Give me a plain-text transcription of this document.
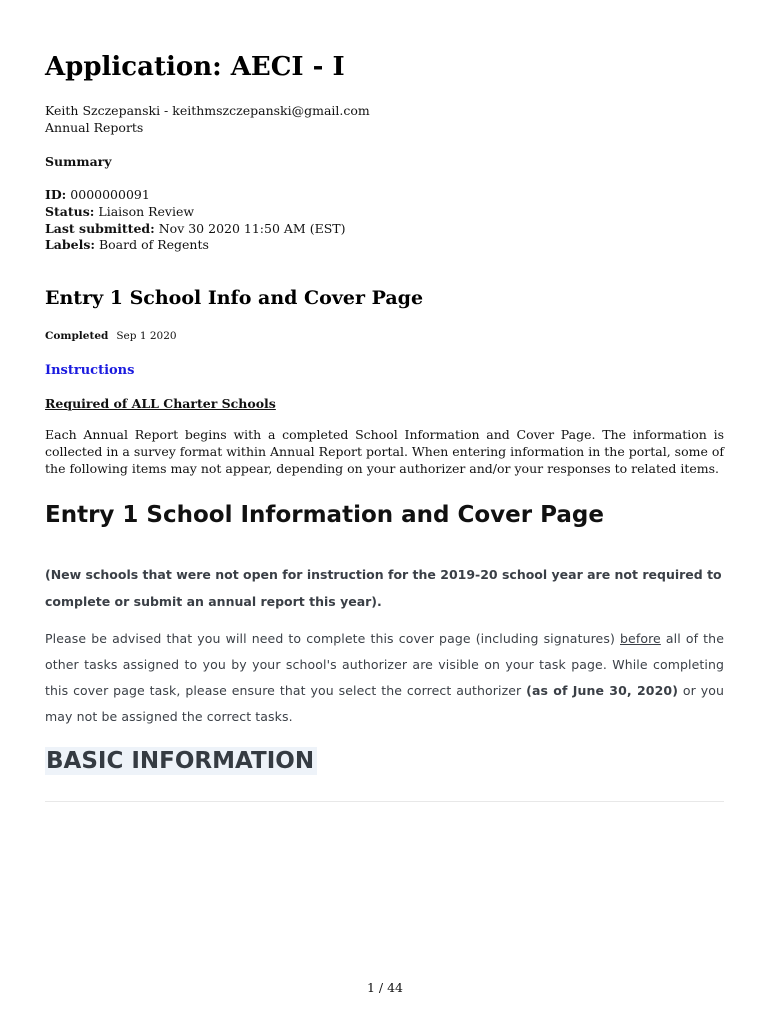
Application: AECI - I
Keith Szczepanski - keithmszczepanski@gmail.com
Annual Reports
Summary
ID: 0000000091
Status: Liaison Review
Last submitted: Nov 30 2020 11:50 AM (EST)
Labels: Board of Regents
Entry 1 School Info and Cover Page
Completed Sep 1 2020
Instructions
Required of ALL Charter Schools
Each Annual Report begins with a completed School Information and Cover Page. The information is collected in a survey format within Annual Report portal. When entering information in the portal, some of the following items may not appear, depending on your authorizer and/or your responses to related items.
Entry 1 School Information and Cover Page
(New schools that were not open for instruction for the 2019-20 school year are not required to complete or submit an annual report this year).
Please be advised that you will need to complete this cover page (including signatures) before all of the other tasks assigned to you by your school's authorizer are visible on your task page. While completing this cover page task, please ensure that you select the correct authorizer (as of June 30, 2020) or you may not be assigned the correct tasks.
BASIC INFORMATION
1 / 44
